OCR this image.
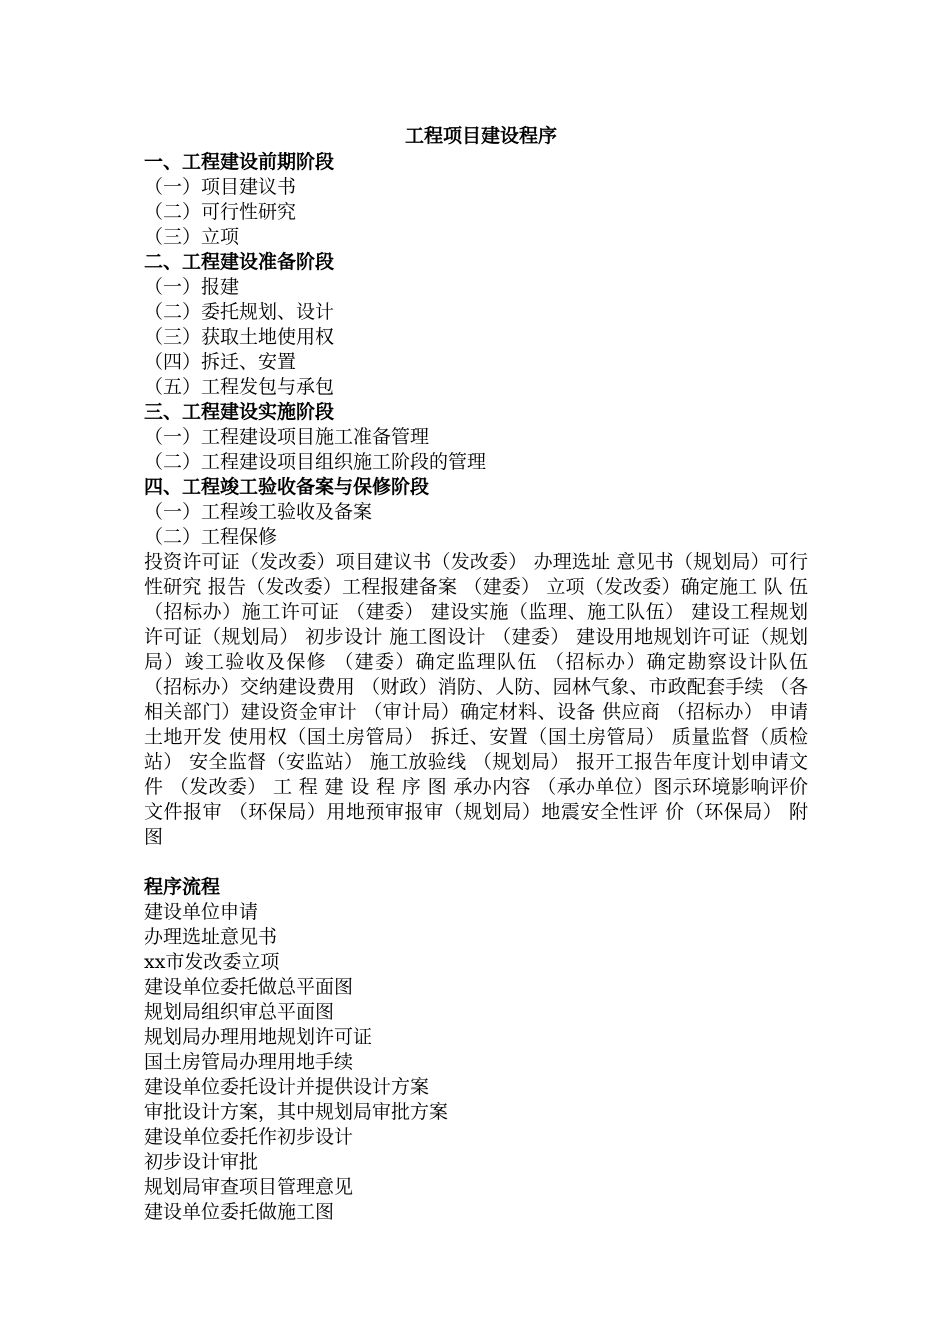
工程项目建设程序
一、工程建设前期阶段
（一）项目建议书
（二）可行性研究
（三）立项
二、工程建设准备阶段
（一）报建
（二）委托规划、设计
（三）获取土地使用权
（四）拆迁、安置
（五）工程发包与承包
三、工程建设实施阶段
（一）工程建设项目施工准备管理
（二）工程建设项目组织施工阶段的管理
四、工程竣工验收备案与保修阶段
（一）工程竣工验收及备案
（二）工程保修
投资许可证（发改委）项目建议书（发改委） 办理选址 意见书（规划局）可行性研究 报告（发改委）工程报建备案 （建委） 立项（发改委）确定施工 队 伍（招标办）施工许可证 （建委） 建设实施（监理、施工队伍） 建设工程规划许可证（规划局） 初步设计 施工图设计 （建委） 建设用地规划许可证（规划局）竣工验收及保修 （建委）确定监理队伍 （招标办）确定勘察设计队伍 （招标办）交纳建设费用 （财政）消防、人防、园林气象、市政配套手续 （各相关部门）建设资金审计 （审计局）确定材料、设备 供应商 （招标办） 申请土地开发 使用权（国土房管局） 拆迁、安置（国土房管局） 质量监督（质检站） 安全监督（安监站） 施工放验线 （规划局） 报开工报告年度计划申请文件 （发改委） 工 程 建 设 程 序 图 承办内容 （承办单位）图示环境影响评价 文件报审 （环保局）用地预审报审（规划局）地震安全性评 价（环保局） 附图
程序流程
建设单位申请
办理选址意见书
xx市发改委立项
建设单位委托做总平面图
规划局组织审总平面图
规划局办理用地规划许可证
国土房管局办理用地手续
建设单位委托设计并提供设计方案
审批设计方案，其中规划局审批方案
建设单位委托作初步设计
初步设计审批
规划局审查项目管理意见
建设单位委托做施工图
